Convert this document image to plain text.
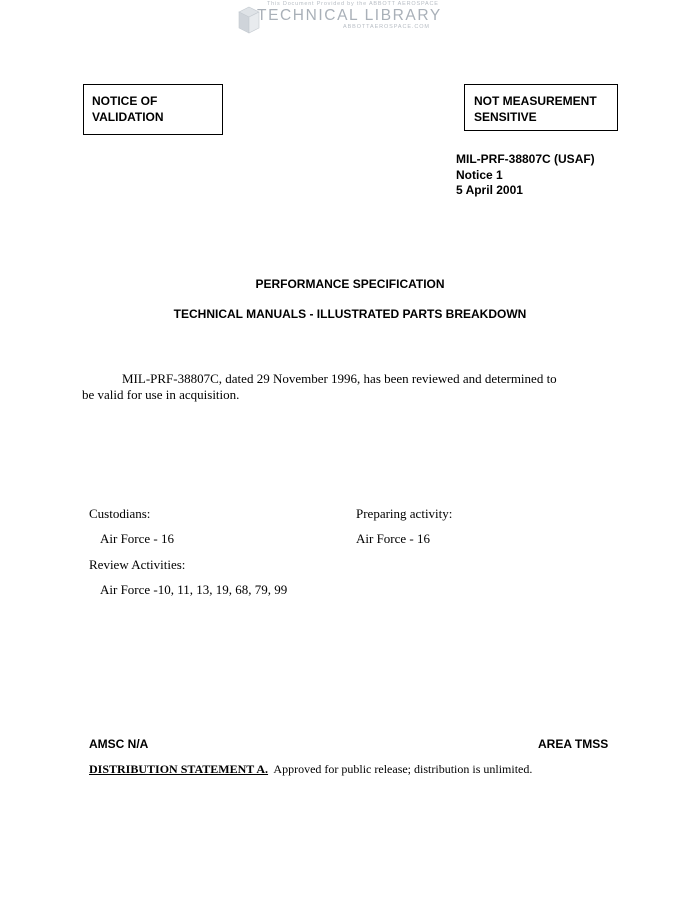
This Document Provided by the ABBOTT AEROSPACE
TECHNICAL LIBRARY
ABBOTTAEROSPACE.COM
NOTICE OF
VALIDATION
NOT MEASUREMENT
SENSITIVE
MIL-PRF-38807C (USAF)
Notice 1
5 April 2001
PERFORMANCE SPECIFICATION
TECHNICAL MANUALS - ILLUSTRATED PARTS BREAKDOWN
MIL-PRF-38807C, dated 29 November 1996, has been reviewed and determined to
be valid for use in acquisition.
Custodians:
Air Force - 16
Review Activities:
Air Force -10, 11, 13, 19, 68, 79, 99
Preparing activity:
Air Force - 16
AMSC N/A	AREA TMSS
DISTRIBUTION STATEMENT A. Approved for public release; distribution is unlimited.
